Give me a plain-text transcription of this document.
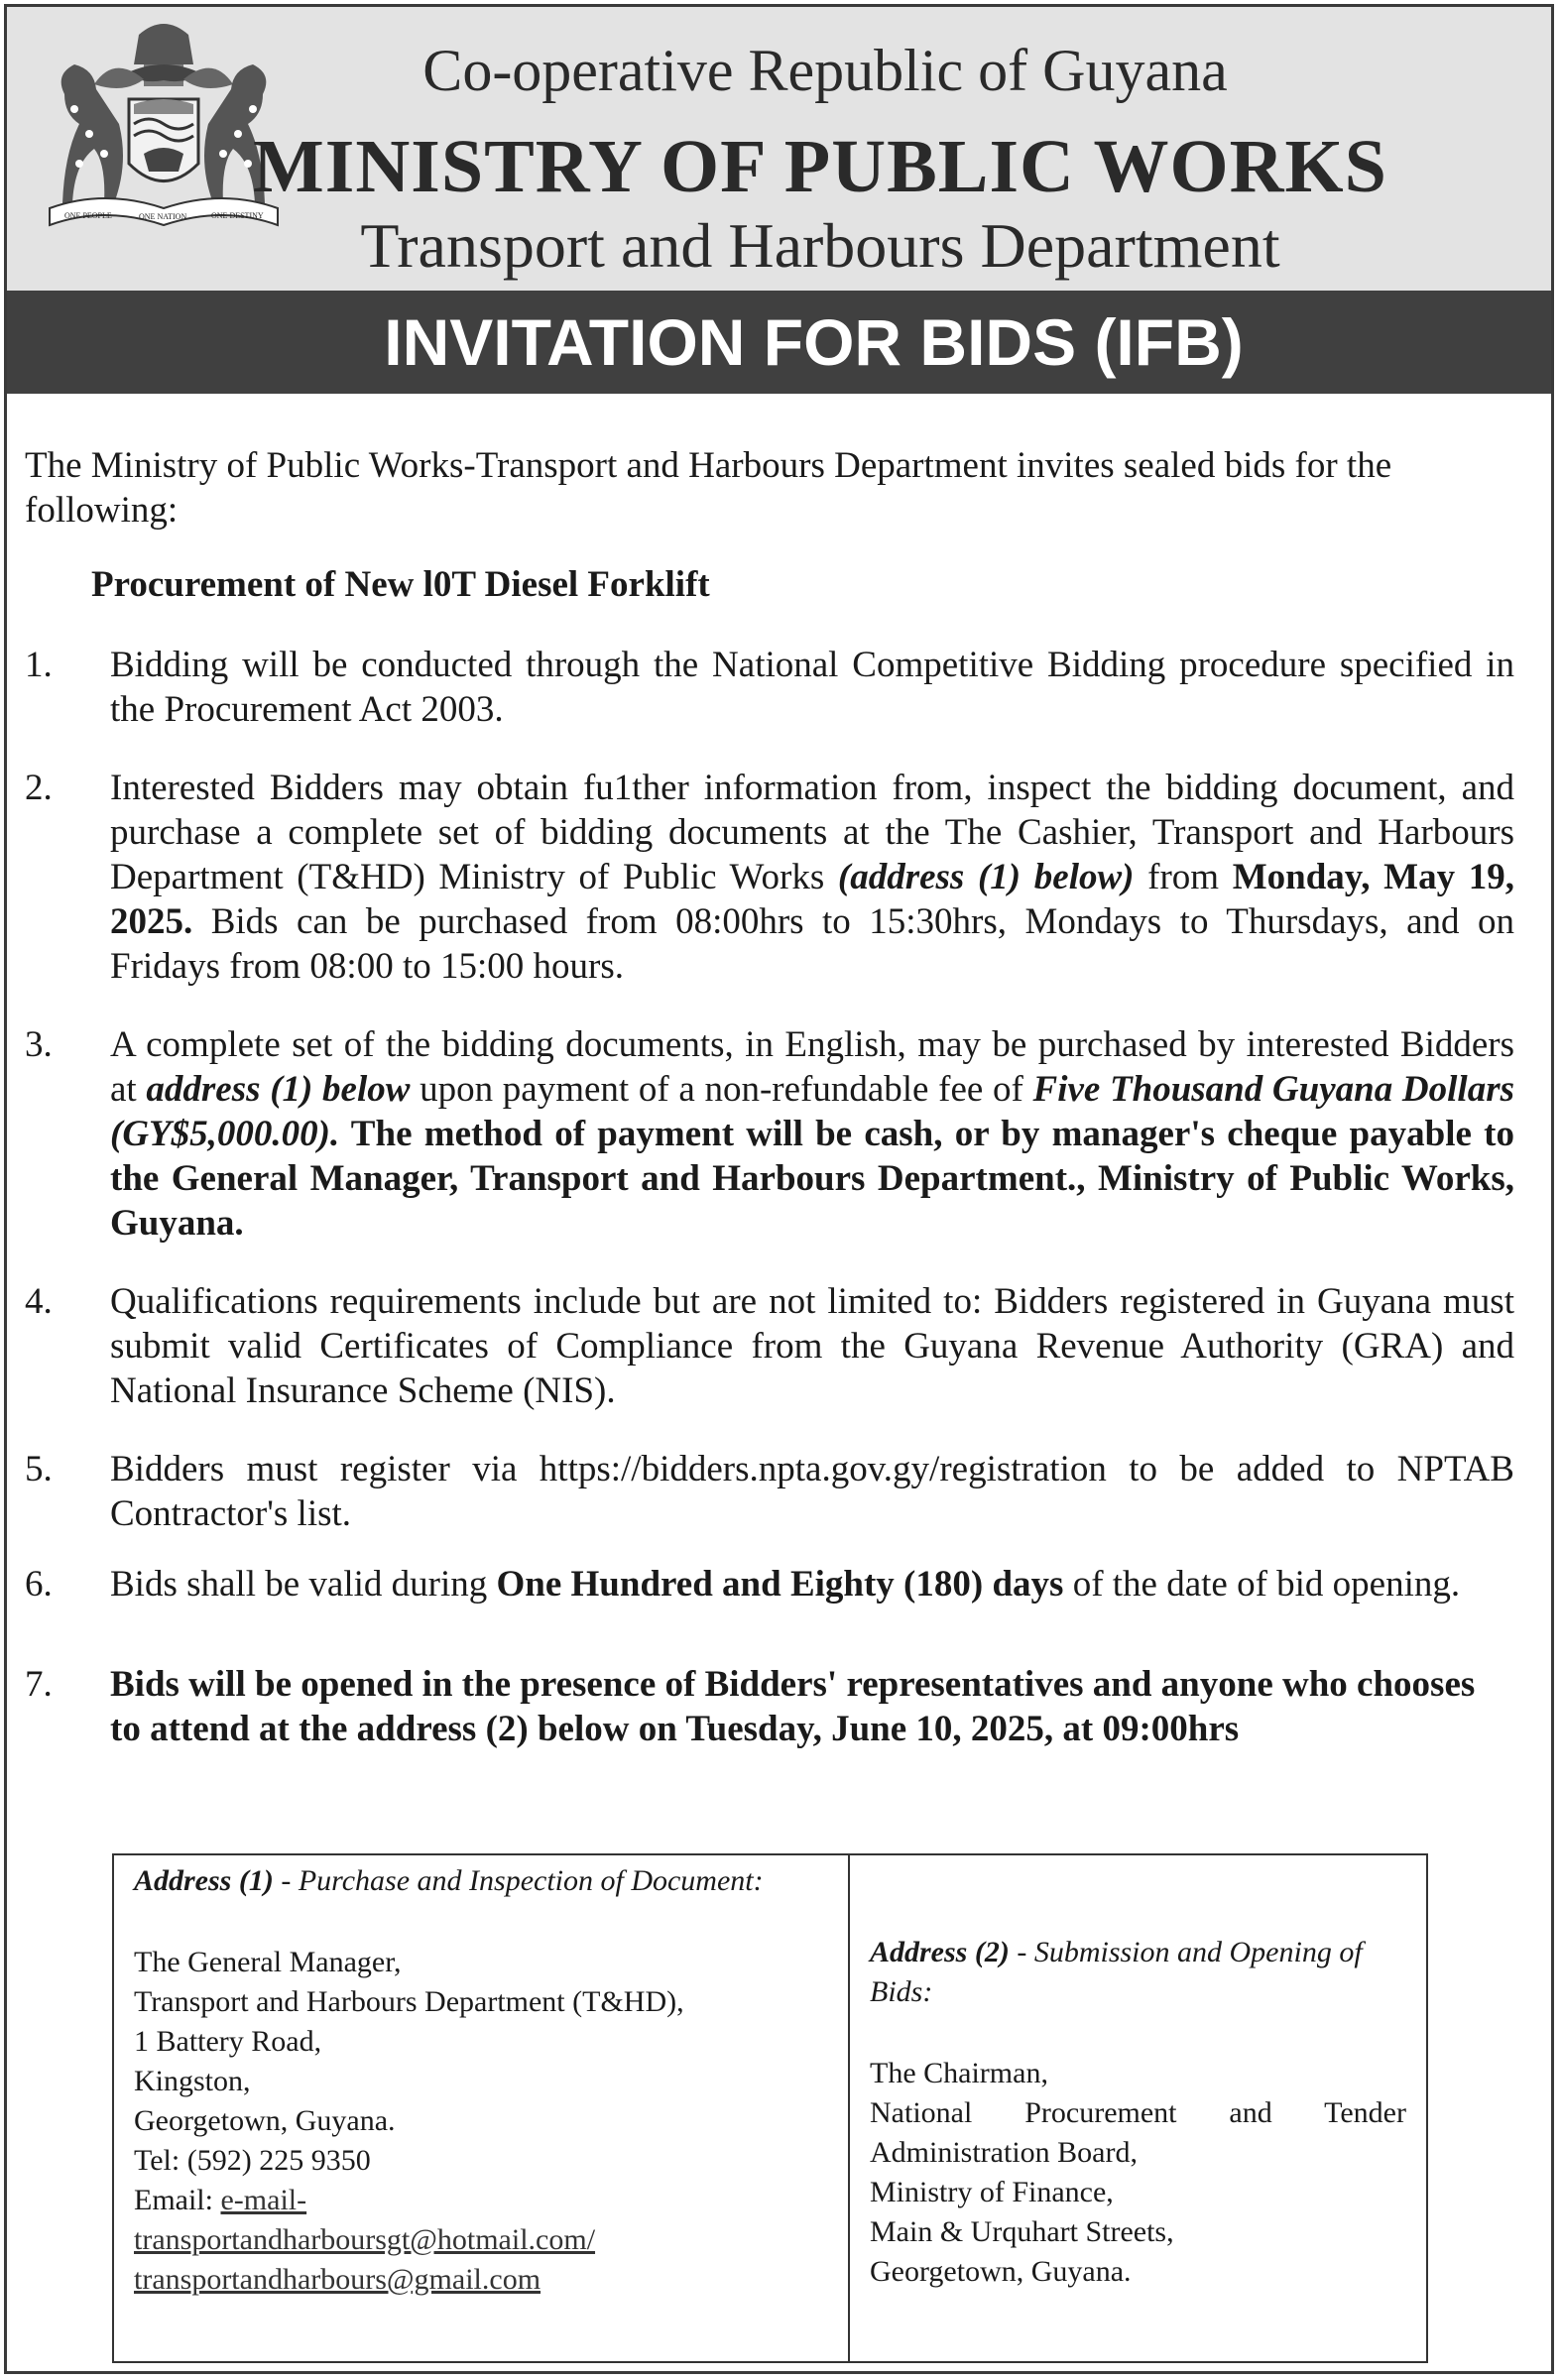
ONE PEOPLE	ONE NATION	ONE DESTINY
Co-operative Republic of Guyana
MINISTRY OF PUBLIC WORKS
Transport and Harbours Department
INVITATION FOR BIDS (IFB)

The Ministry of Public Works-Transport and Harbours Department invites sealed bids for the following:

Procurement of New l0T Diesel Forklift
1.	Bidding will be conducted through the National Competitive Bidding procedure specified in the Procurement Act 2003.
2.	Interested Bidders may obtain fu1ther information from, inspect the bidding document, and purchase a complete set of bidding documents at the The Cashier, Transport and Harbours Department (T&HD) Ministry of Public Works (address (1) below) from Monday, May 19, 2025. Bids can be purchased from 08:00hrs to 15:30hrs, Mondays to Thursdays, and on Fridays from 08:00 to 15:00 hours.
3.	A complete set of the bidding documents, in English, may be purchased by interested Bidders at address (1) below upon payment of a non-refundable fee of Five Thousand Guyana Dollars (GY$5,000.00). The method of payment will be cash, or by manager's cheque payable to the General Manager, Transport and Harbours Department., Ministry of Public Works, Guyana.
4.	Qualifications requirements include but are not limited to: Bidders registered in Guyana must submit valid Certificates of Compliance from the Guyana Revenue Authority (GRA) and National Insurance Scheme (NIS).
5.	Bidders must register via https://bidders.npta.gov.gy/registration to be added to NPTAB Contractor's list.
6.	Bids shall be valid during One Hundred and Eighty (180) days of the date of bid opening.
7.	Bids will be opened in the presence of Bidders' representatives and anyone who chooses to attend at the address (2) below on Tuesday, June 10, 2025, at 09:00hrs
Address (1) - Purchase and Inspection of Document:
The General Manager,
Transport and Harbours Department (T&HD),
1 Battery Road,
Kingston,
Georgetown, Guyana.
Tel: (592) 225 9350
Email: e-mail-
transportandharboursgt@hotmail.com/
transportandharbours@gmail.com
Address (2) - Submission and Opening of Bids:
The Chairman,
National Procurement and Tender
Administration Board,
Ministry of Finance,
Main & Urquhart Streets,
Georgetown, Guyana.
